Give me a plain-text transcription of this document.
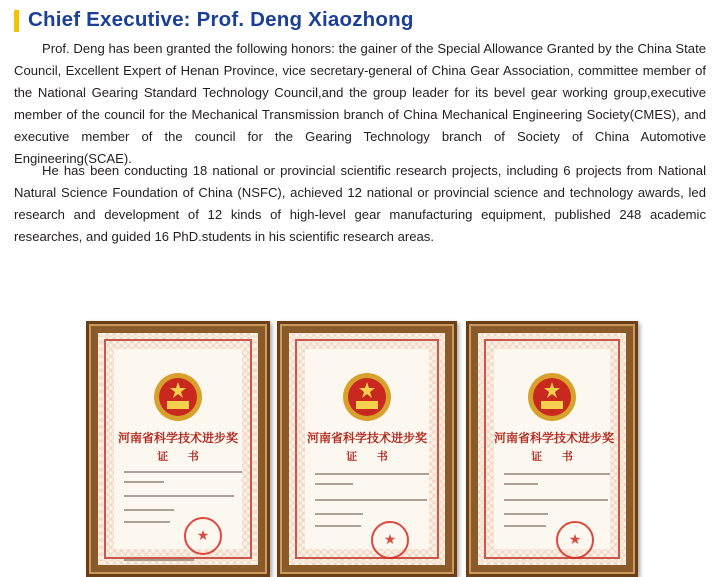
Chief Executive: Prof. Deng Xiaozhong

Prof. Deng has been granted the following honors: the gainer of the Special Allowance Granted by the China State Council, Excellent Expert of Henan Province, vice secretary-general of China Gear Association, committee member of the National Gearing Standard Technology Council,and the group leader for its bevel gear working group,executive member of the council for the Mechanical Transmission branch of China Mechanical Engineering Society(CMES), and executive member of the council for the Gearing Technology branch of Society of China Automotive Engineering(SCAE).

He has been conducting 18 national or provincial scientific research projects, including 6 projects from National Natural Science Foundation of China (NSFC), achieved 12 national or provincial science and technology awards, led research and development of 12 kinds of high-level gear manufacturing equipment, published 248 academic researches, and guided 16 PhD.students in his scientific research areas.

河南省科学技术进步奖
证 书
★
河南省科学技术进步奖
证 书
★
河南省科学技术进步奖
证 书
★
